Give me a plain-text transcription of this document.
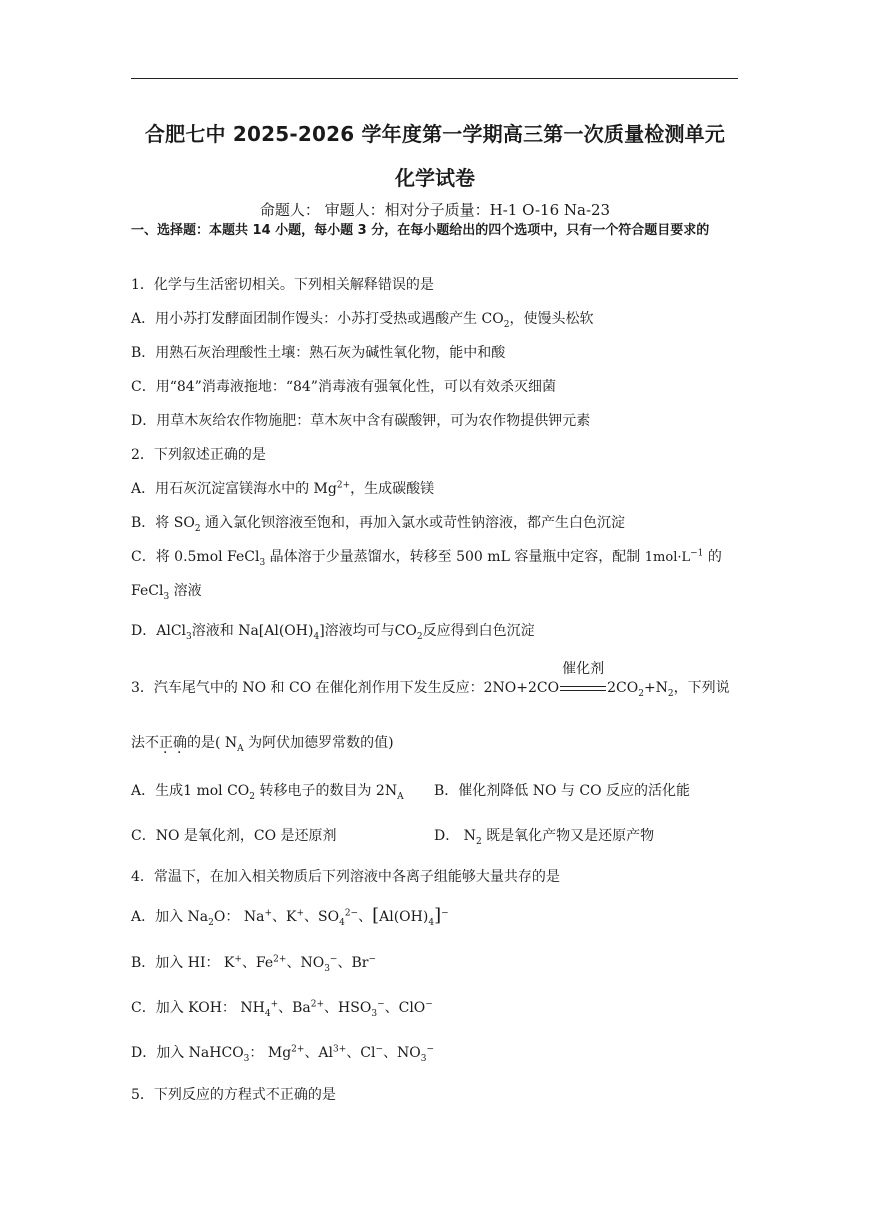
合肥七中 2025-2026 学年度第一学期高三第一次质量检测单元
化学试卷
命题人： 审题人：相对分子质量：H-1 O-16 Na-23
一、选择题：本题共 14 小题，每小题 3 分，在每小题给出的四个选项中，只有一个符合题目要求的
1．化学与生活密切相关。下列相关解释错误的是
A．用小苏打发酵面团制作馒头：小苏打受热或遇酸产生 $CO_2$，使馒头松软
B．用熟石灰治理酸性土壤：熟石灰为碱性氧化物，能中和酸
C．用“84”消毒液拖地：“84”消毒液有强氧化性，可以有效杀灭细菌
D．用草木灰给农作物施肥：草木灰中含有碳酸钾，可为农作物提供钾元素
2．下列叙述正确的是
A．用石灰沉淀富镁海水中的 $Mg^{2+}$，生成碳酸镁
B．将 $SO_2$ 通入氯化钡溶液至饱和，再加入氯水或苛性钠溶液，都产生白色沉淀
C．将 0.5mol FeCl$_3$ 晶体溶于少量蒸馏水，转移至 500 mL 容量瓶中定容，配制 $1mol\cdot L^{-1}$ 的
FeCl$_3$ 溶液
D．AlCl$_3$溶液和 $Na[Al(OH)_4]$溶液均可与$CO_2$反应得到白色沉淀
3．汽车尾气中的 NO 和 CO 在催化剂作用下发生反应：2NO+2CO
催化剂
$2CO_2+N_2$，下列说
法不正确的是( $N_A$ 为阿伏加德罗常数的值)
A．生成1 mol $CO_2$ 转移电子的数目为 $2N_A$ B．催化剂降低 NO 与 CO 反应的活化能
C．NO 是氧化剂，CO 是还原剂	D． $N_2$ 既是氧化产物又是还原产物
4．常温下，在加入相关物质后下列溶液中各离子组能够大量共存的是
A．加入 $Na_2O$： Na+、K+、$SO_4^{2-}$、$[Al(OH)_4]^-$
B．加入 HI： K+、$Fe^{2+}$、$NO_3^-$、Br−
C．加入 KOH： $NH_4^+$、$Ba^{2+}$、$HSO_3^-$、ClO−
D．加入 NaHCO$_3$： $Mg^{2+}$、$Al^{3+}$、Cl−、$NO_3^-$
5．下列反应的方程式不正确的是
